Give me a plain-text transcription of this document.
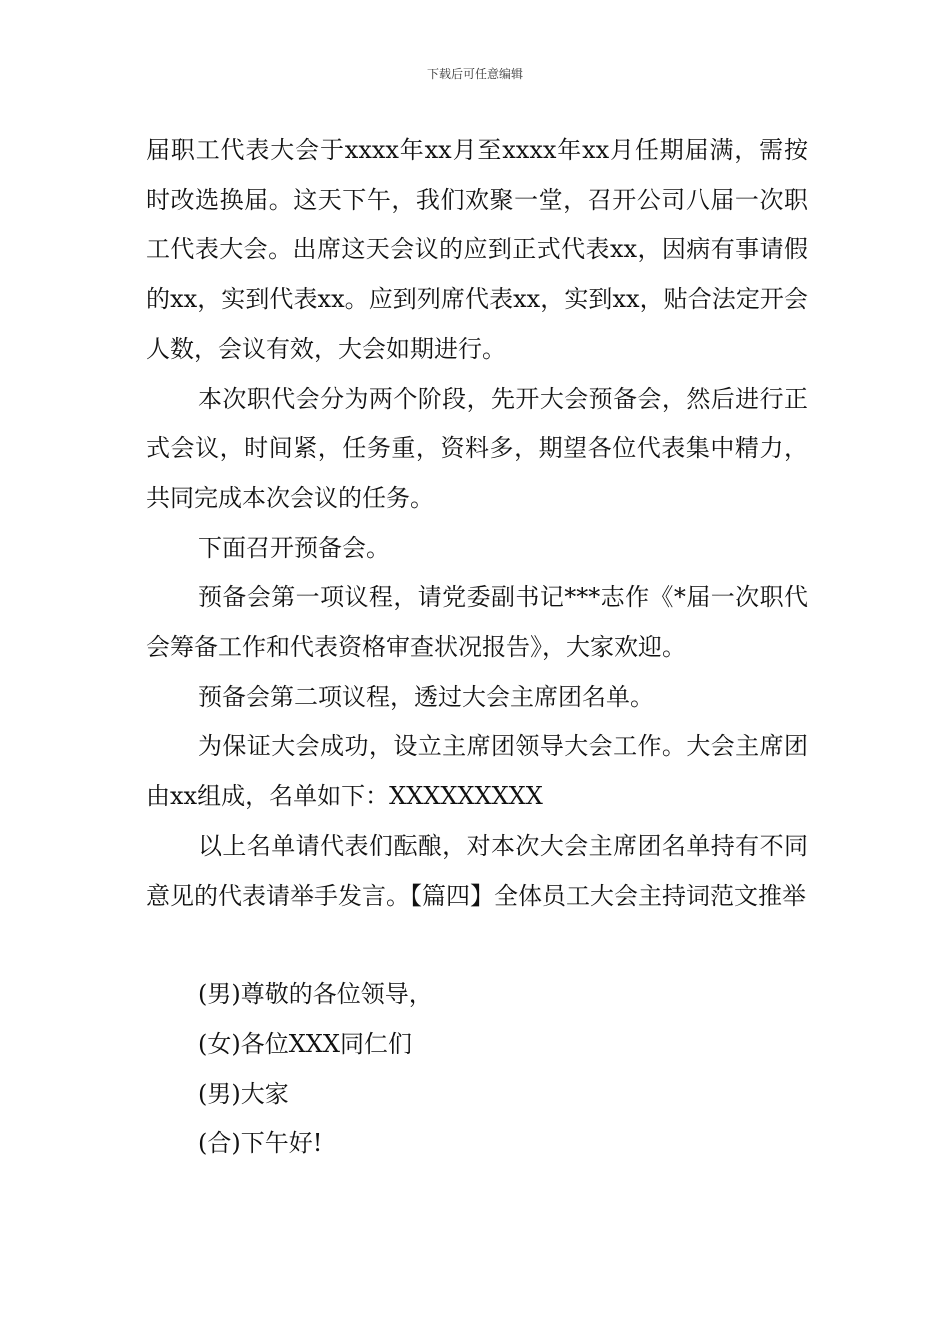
下载后可任意编辑

届职工代表大会于xxxx年xx月至xxxx年xx月任期届满，需按时改选换届。这天下午，我们欢聚一堂，召开公司八届一次职工代表大会。出席这天会议的应到正式代表xx，因病有事请假的xx，实到代表xx。应到列席代表xx，实到xx，贴合法定开会人数，会议有效，大会如期进行。

本次职代会分为两个阶段，先开大会预备会，然后进行正式会议，时间紧，任务重，资料多，期望各位代表集中精力，共同完成本次会议的任务。

下面召开预备会。

预备会第一项议程，请党委副书记***志作《*届一次职代会筹备工作和代表资格审查状况报告》，大家欢迎。

预备会第二项议程，透过大会主席团名单。

为保证大会成功，设立主席团领导大会工作。大会主席团由xx组成，名单如下：XXXXXXXXX

以上名单请代表们酝酿，对本次大会主席团名单持有不同意见的代表请举手发言。【篇四】全体员工大会主持词范文推举

(男)尊敬的各位领导，

(女)各位XXX同仁们

(男)大家

(合)下午好!
